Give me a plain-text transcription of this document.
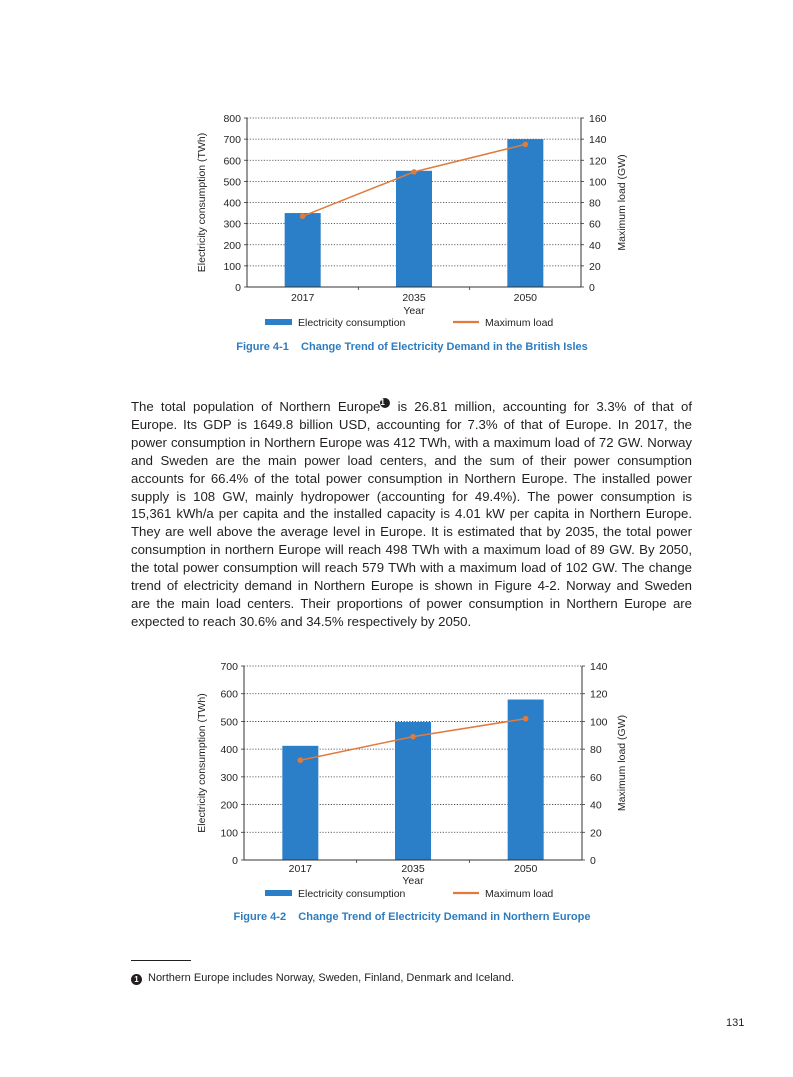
0
100
200
300
400
500
600
700
800
0
20
40
60
80
100
120
140
160
2017	2035	2050
Year
Electricity consumption (TWh)	Maximum load (GW)
Electricity consumption	Maximum load
Figure 4-1    Change Trend of Electricity Demand in the British Isles
0
100
200
300
400
500
600
700
0
20
40
60
80
100
120
140
2017	2035	2050
Year
Electricity consumption (TWh)	Maximum load (GW)
Electricity consumption	Maximum load
Figure 4-2    Change Trend of Electricity Demand in Northern Europe
The total population of Northern Europe1 is 26.81 million, accounting for 3.3% of that of
Europe. Its GDP is 1649.8 billion USD, accounting for 7.3% of that of Europe. In 2017, the
power consumption in Northern Europe was 412 TWh, with a maximum load of 72 GW. Norway
and Sweden are the main power load centers, and the sum of their power consumption
accounts for 66.4% of the total power consumption in Northern Europe. The installed power
supply is 108 GW, mainly hydropower (accounting for 49.4%). The power consumption is
15,361 kWh/a per capita and the installed capacity is 4.01 kW per capita in Northern Europe.
They are well above the average level in Europe. It is estimated that by 2035, the total power
consumption in northern Europe will reach 498 TWh with a maximum load of 89 GW. By 2050,
the total power consumption will reach 579 TWh with a maximum load of 102 GW. The change
trend of electricity demand in Northern Europe is shown in Figure 4-2. Norway and Sweden
are the main load centers. Their proportions of power consumption in Northern Europe are
expected to reach 30.6% and 34.5% respectively by 2050.
1 Northern Europe includes Norway, Sweden, Finland, Denmark and Iceland.
131
